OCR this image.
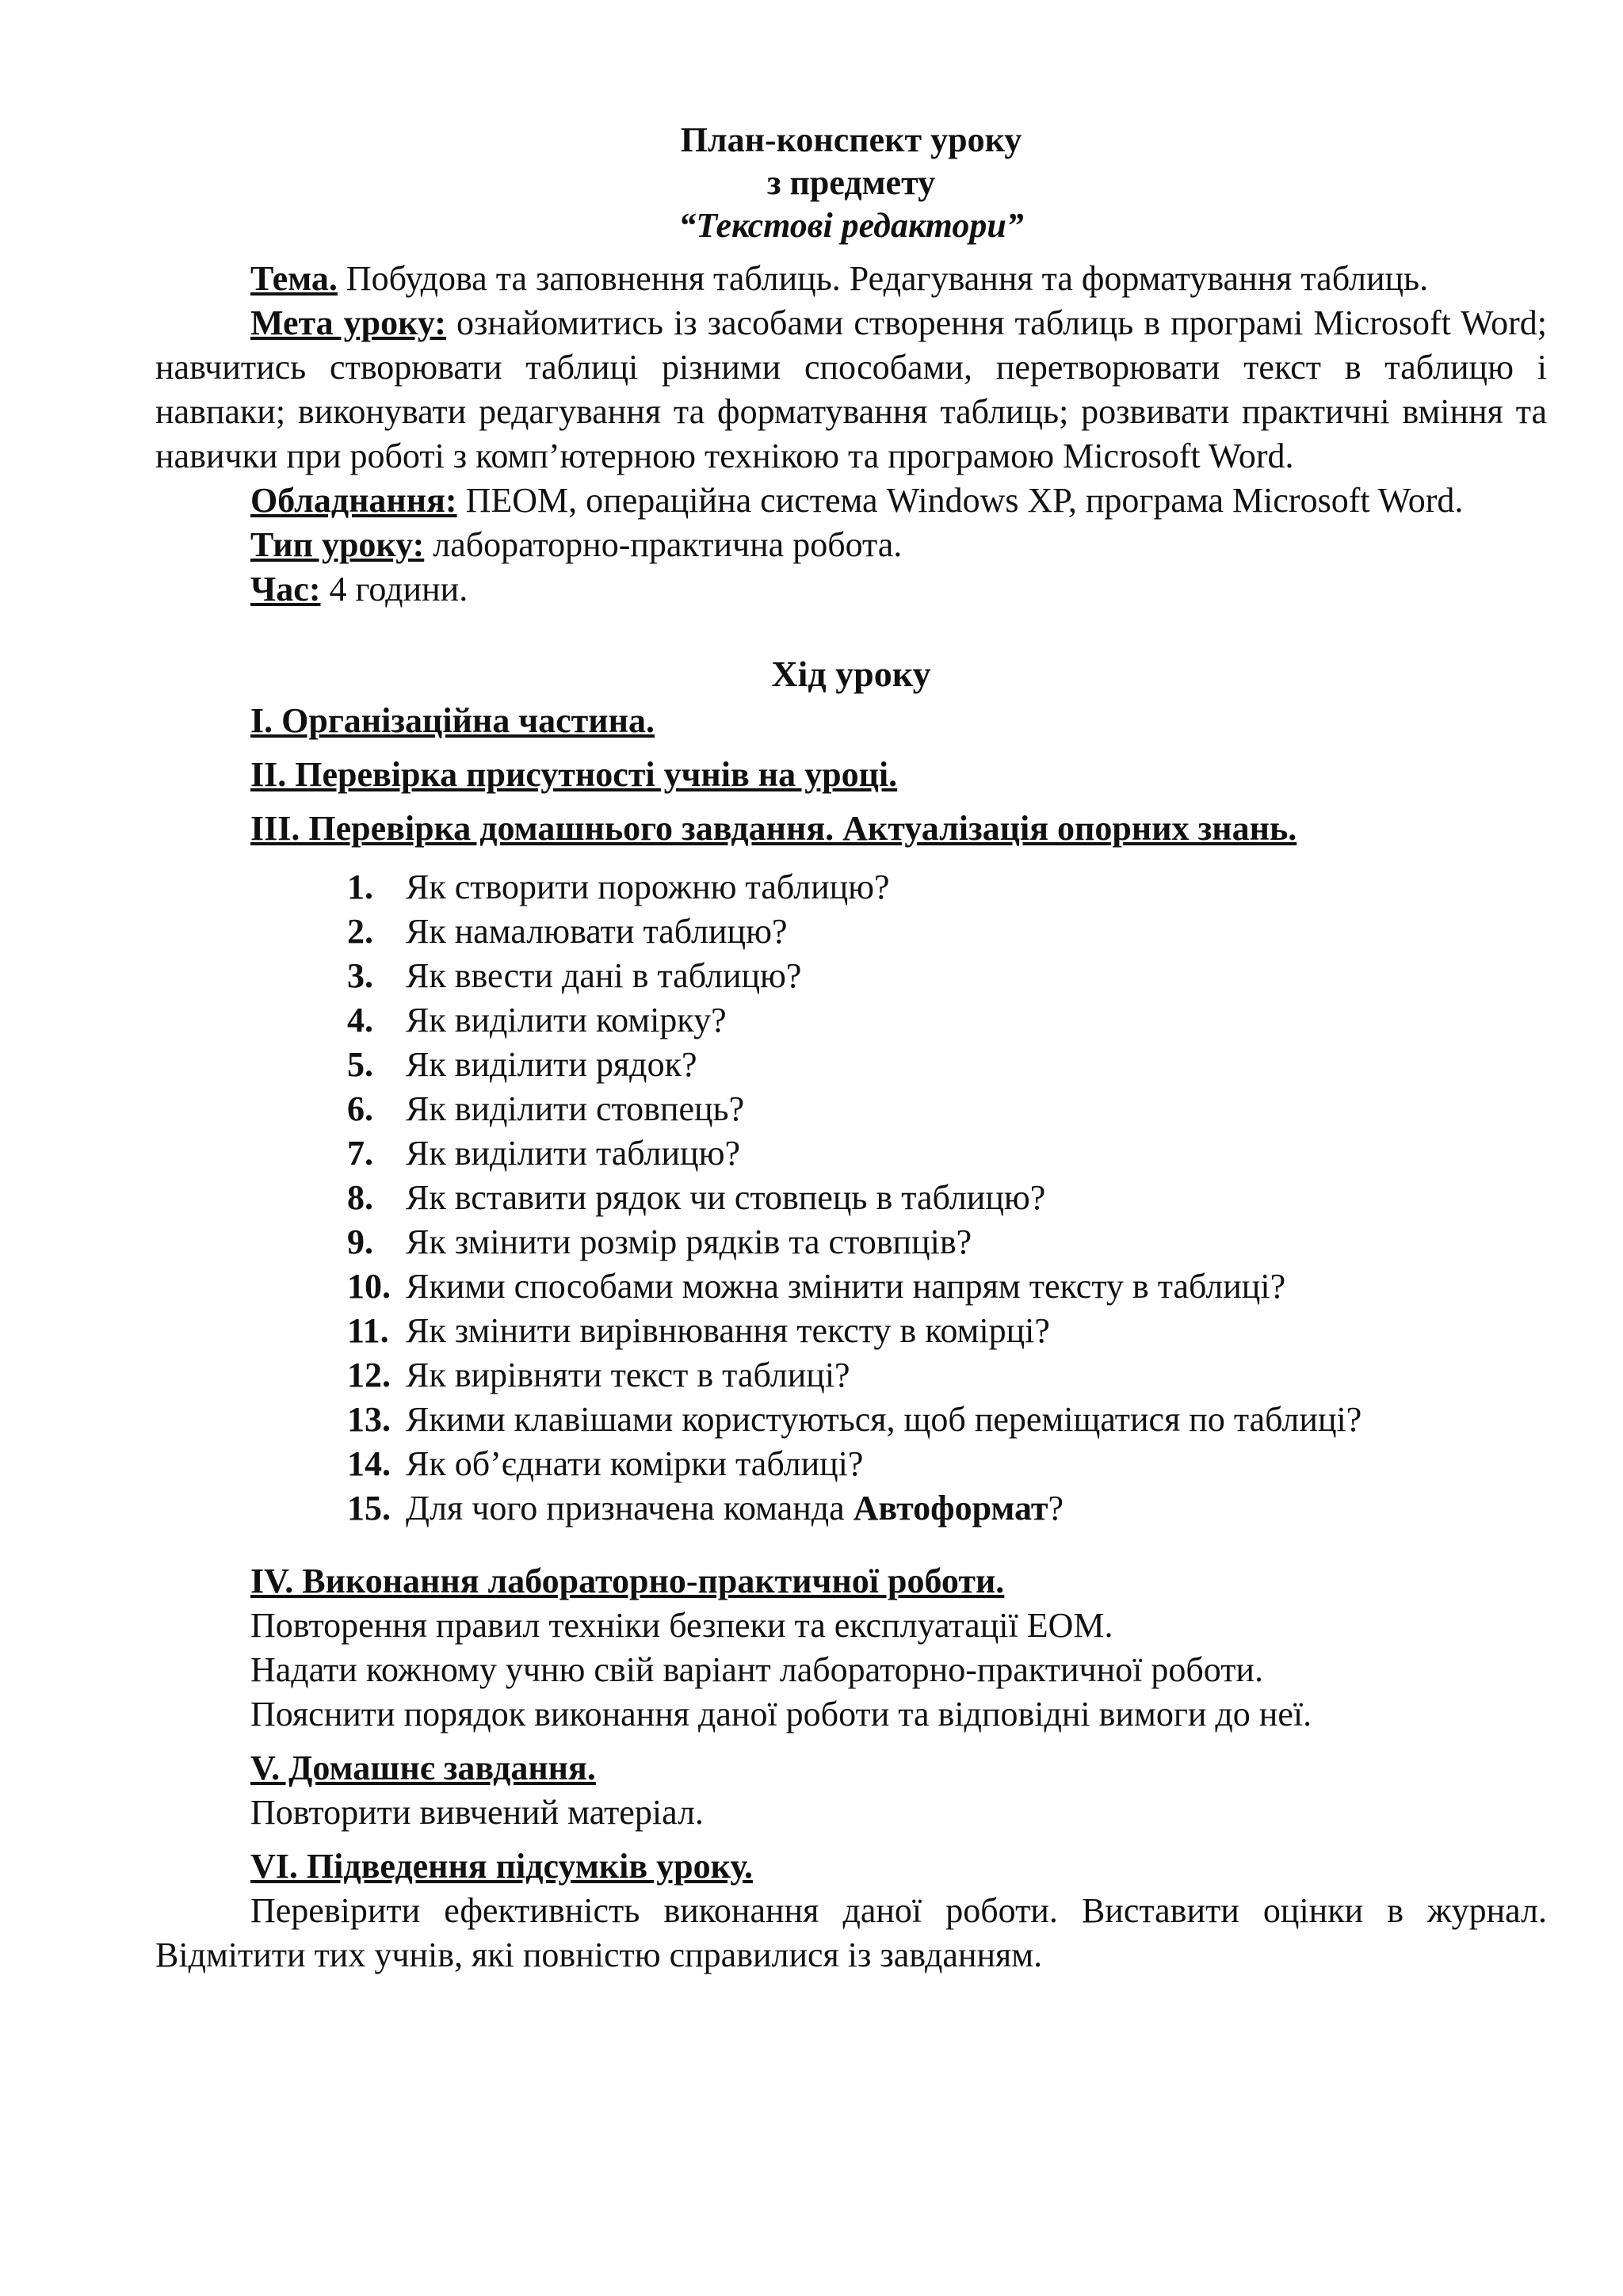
План-конспект уроку
з предмету
“Текстові редактори”

Тема. Побудова та заповнення таблиць. Редагування та форматування таблиць.

Мета уроку: ознайомитись із засобами створення таблиць в програмі Microsoft Word; навчитись створювати таблиці різними способами, перетворювати текст в таблицю і навпаки; виконувати редагування та форматування таблиць; розвивати практичні вміння та навички при роботі з комп’ютерною технікою та програмою Microsoft Word.

Обладнання: ПЕОМ, операційна система Windows XP, програма Microsoft Word.

Тип уроку: лабораторно-практична робота.

Час: 4 години.

Хід уроку
I. Організаційна частина.
II. Перевірка присутності учнів на уроці.
III. Перевірка домашнього завдання. Актуалізація опорних знань.
1. Як створити порожню таблицю?
2. Як намалювати таблицю?
3. Як ввести дані в таблицю?
4. Як виділити комірку?
5. Як виділити рядок?
6. Як виділити стовпець?
7. Як виділити таблицю?
8. Як вставити рядок чи стовпець в таблицю?
9. Як змінити розмір рядків та стовпців?
10. Якими способами можна змінити напрям тексту в таблиці?
11. Як змінити вирівнювання тексту в комірці?
12. Як вирівняти текст в таблиці?
13. Якими клавішами користуються, щоб переміщатися по таблиці?
14. Як об’єднати комірки таблиці?
15. Для чого призначена команда Автоформат?
IV. Виконання лабораторно-практичної роботи.
Повторення правил техніки безпеки та експлуатації ЕОМ.
Надати кожному учню свій варіант лабораторно-практичної роботи.
Пояснити порядок виконання даної роботи та відповідні вимоги до неї.
V. Домашнє завдання.
Повторити вивчений матеріал.
VI. Підведення підсумків уроку.

Перевірити ефективність виконання даної роботи. Виставити оцінки в журнал. Відмітити тих учнів, які повністю справилися із завданням.
